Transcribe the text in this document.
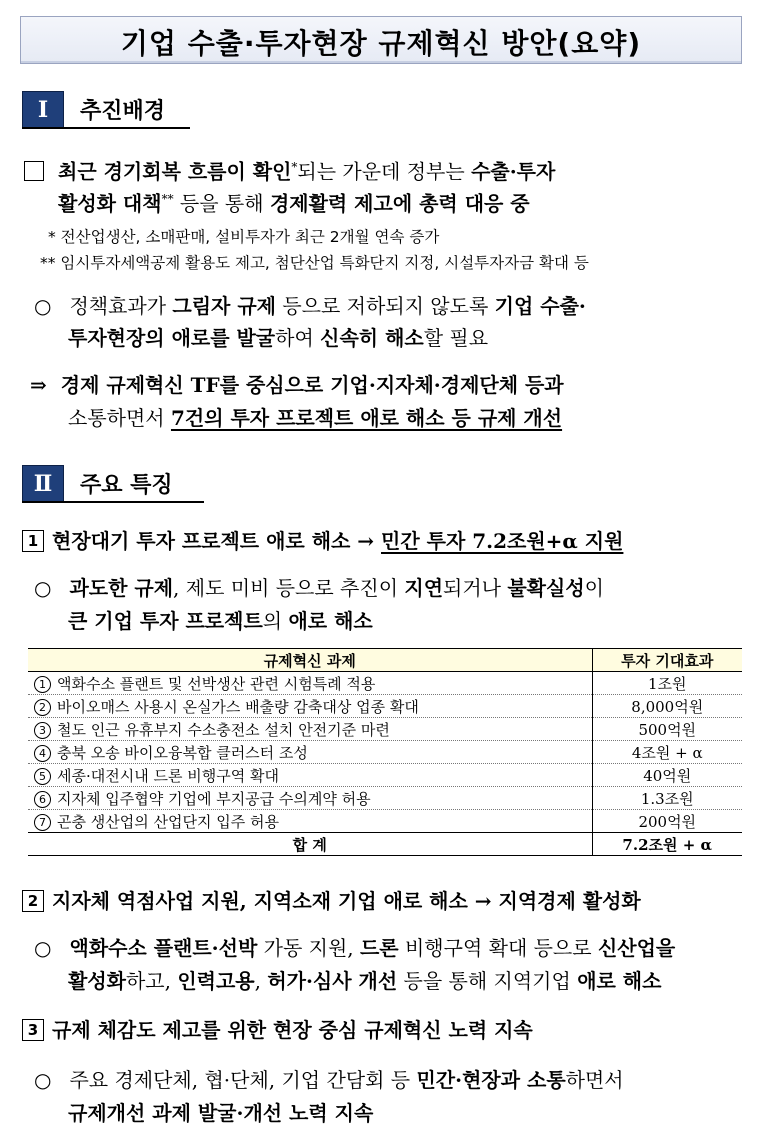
기업 수출·투자현장 규제혁신 방안(요약)
Ⅰ	추진배경
최근 경기회복 흐름이 확인*되는 가운데 정부는 수출·투자
활성화 대책** 등을 통해 경제활력 제고에 총력 대응 중
* 전산업생산, 소매판매, 설비투자가 최근 2개월 연속 증가
** 임시투자세액공제 활용도 제고, 첨단산업 특화단지 지정, 시설투자자금 확대 등
○ 정책효과가 그림자 규제 등으로 저하되지 않도록 기업 수출·
투자현장의 애로를 발굴하여 신속히 해소할 필요
⇒ 경제 규제혁신 TF를 중심으로 기업·지자체·경제단체 등과
소통하면서 7건의 투자 프로젝트 애로 해소 등 규제 개선
Ⅱ	주요 특징
1 현장대기 투자 프로젝트 애로 해소 → 민간 투자 7.2조원+α 지원
○ 과도한 규제, 제도 미비 등으로 추진이 지연되거나 불확실성이
큰 기업 투자 프로젝트의 애로 해소
규제혁신 과제	투자 기대효과
1 액화수소 플랜트 및 선박생산 관련 시험특례 적용	1조원
2 바이오매스 사용시 온실가스 배출량 감축대상 업종 확대	8,000억원
3 철도 인근 유휴부지 수소충전소 설치 안전기준 마련	500억원
4 충북 오송 바이오융복합 클러스터 조성	4조원 + α
5 세종·대전시내 드론 비행구역 확대	40억원
6 지자체 입주협약 기업에 부지공급 수의계약 허용	1.3조원
7 곤충 생산업의 산업단지 입주 허용	200억원
합 계	7.2조원 + α
2 지자체 역점사업 지원, 지역소재 기업 애로 해소 → 지역경제 활성화
○ 액화수소 플랜트·선박 가동 지원, 드론 비행구역 확대 등으로 신산업을
활성화하고, 인력고용, 허가·심사 개선 등을 통해 지역기업 애로 해소
3 규제 체감도 제고를 위한 현장 중심 규제혁신 노력 지속
○ 주요 경제단체, 협·단체, 기업 간담회 등 민간·현장과 소통하면서
규제개선 과제 발굴·개선 노력 지속
